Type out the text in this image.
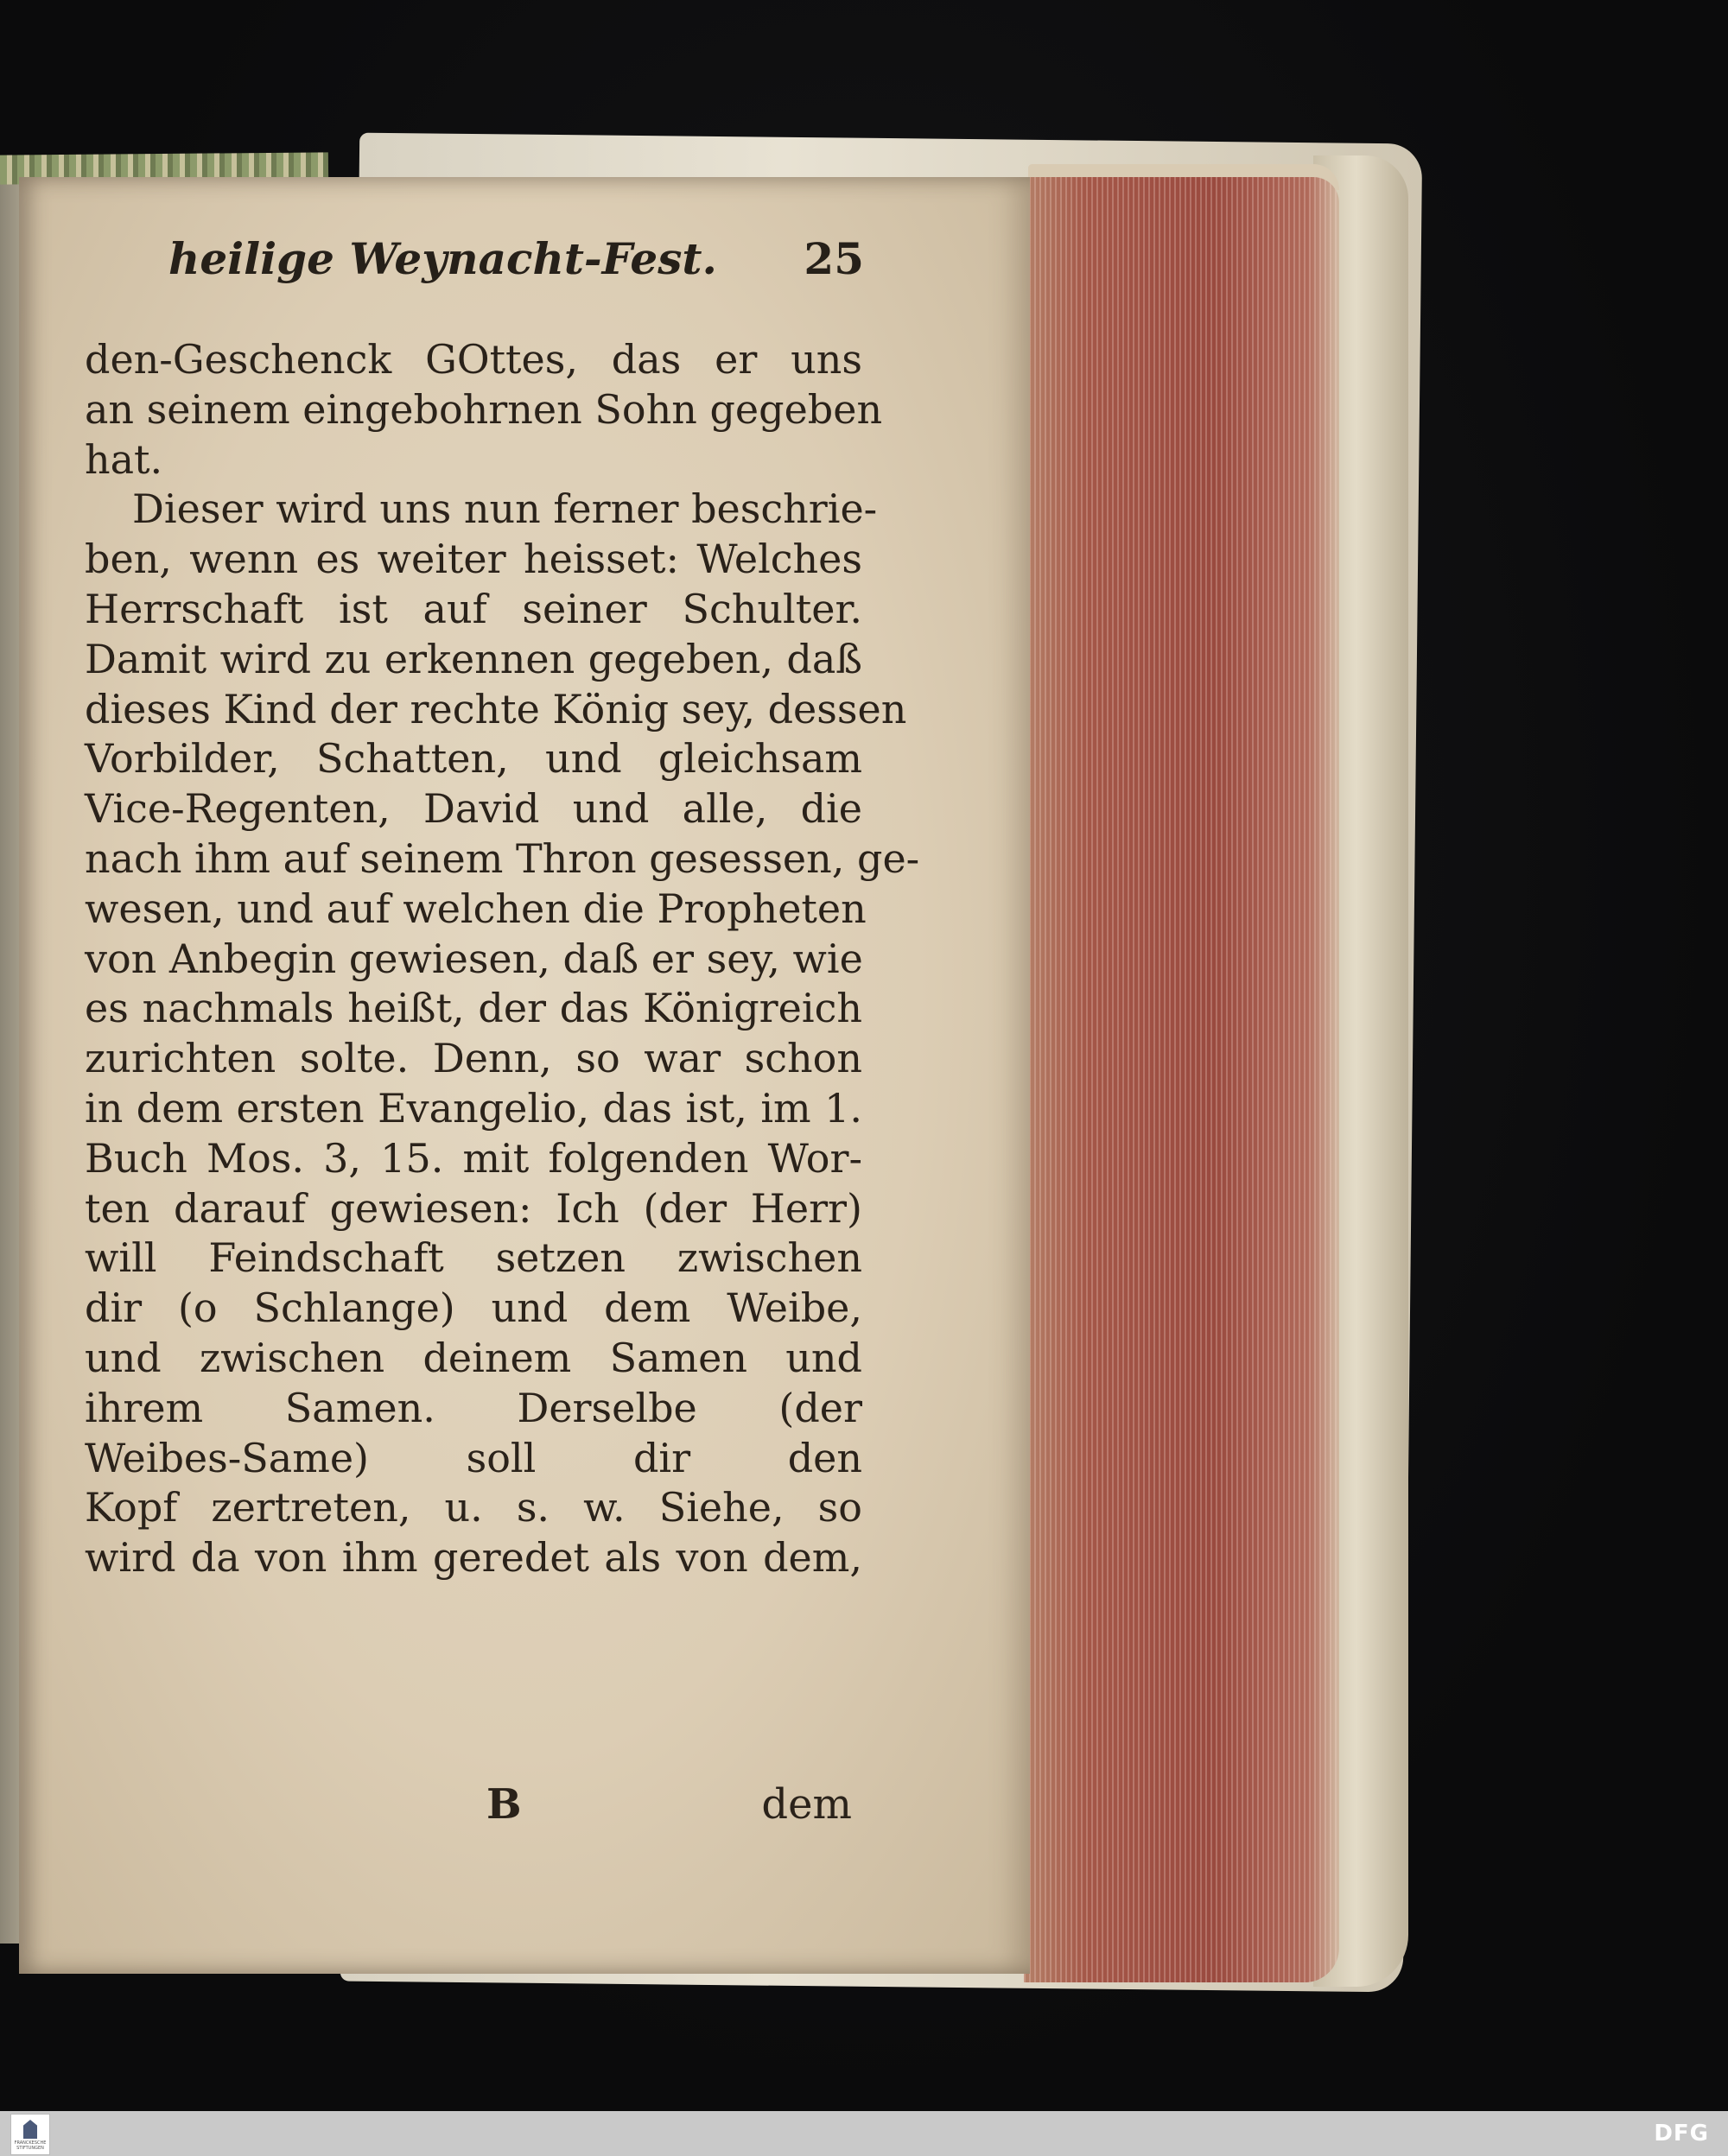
heilige Weynacht-Fest. 25
den-Geschenck GOttes, das er uns
an seinem eingebohrnen Sohn gegeben
hat.
Dieser wird uns nun ferner beschrie-
ben, wenn es weiter heisset: Welches
Herrschaft ist auf seiner Schulter.
Damit wird zu erkennen gegeben, daß
dieses Kind der rechte König sey, dessen
Vorbilder, Schatten, und gleichsam
Vice-Regenten, David und alle, die
nach ihm auf seinem Thron gesessen, ge-
wesen, und auf welchen die Propheten
von Anbegin gewiesen, daß er sey, wie
es nachmals heißt, der das Königreich
zurichten solte. Denn, so war schon
in dem ersten Evangelio, das ist, im 1.
Buch Mos. 3, 15. mit folgenden Wor-
ten darauf gewiesen: Ich (der Herr)
will Feindschaft setzen zwischen
dir (o Schlange) und dem Weibe,
und zwischen deinem Samen und
ihrem Samen. Derselbe (der
Weibes-Same) soll dir den
Kopf zertreten, u. s. w. Siehe, so
wird da von ihm geredet als von dem,
B	dem
FRANCKESCHE STIFTUNGEN
DFG
